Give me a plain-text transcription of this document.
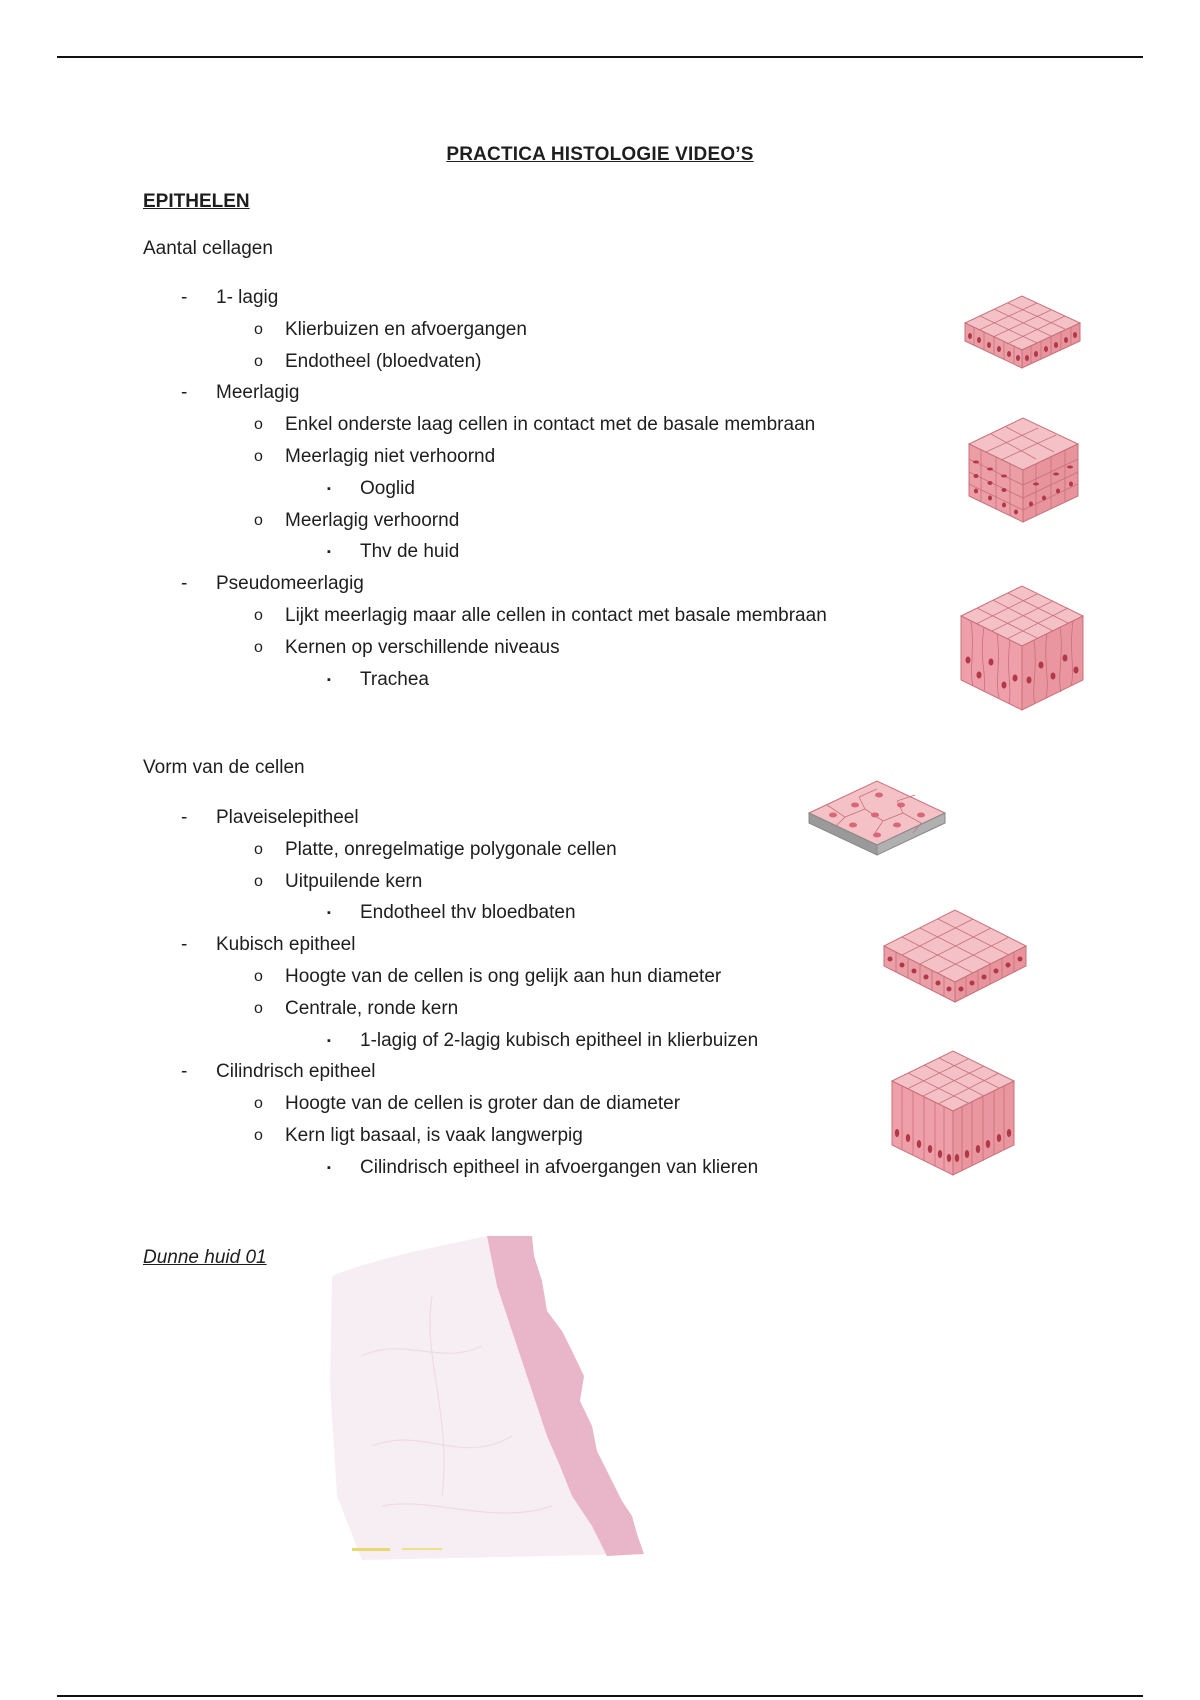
PRACTICA HISTOLOGIE VIDEO’S
EPITHELEN
Aantal cellagen
- 1- lagig
o Klierbuizen en afvoergangen
o Endotheel (bloedvaten)
- Meerlagig
o Enkel onderste laag cellen in contact met de basale membraan
o Meerlagig niet verhoornd
▪ Ooglid
o Meerlagig verhoornd
▪ Thv de huid
- Pseudomeerlagig
o Lijkt meerlagig maar alle cellen in contact met basale membraan
o Kernen op verschillende niveaus
▪ Trachea
Vorm van de cellen
- Plaveiselepitheel
o Platte, onregelmatige polygonale cellen
o Uitpuilende kern
▪ Endotheel thv bloedbaten
- Kubisch epitheel
o Hoogte van de cellen is ong gelijk aan hun diameter
o Centrale, ronde kern
▪ 1-lagig of 2-lagig kubisch epitheel in klierbuizen
- Cilindrisch epitheel
o Hoogte van de cellen is groter dan de diameter
o Kern ligt basaal, is vaak langwerpig
▪ Cilindrisch epitheel in afvoergangen van klieren
Dunne huid 01
